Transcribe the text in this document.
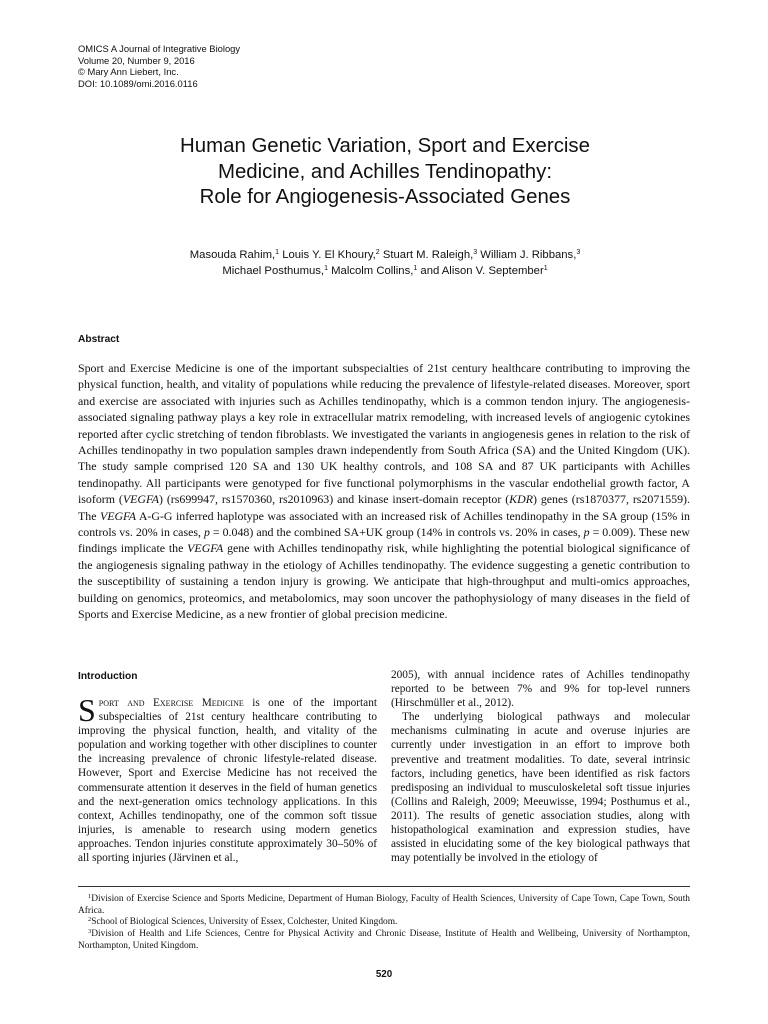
OMICS A Journal of Integrative Biology
Volume 20, Number 9, 2016
© Mary Ann Liebert, Inc.
DOI: 10.1089/omi.2016.0116
Human Genetic Variation, Sport and Exercise
Medicine, and Achilles Tendinopathy:
Role for Angiogenesis-Associated Genes
Masouda Rahim,$^1$ Louis Y. El Khoury,$^2$ Stuart M. Raleigh,$^3$ William J. Ribbans,$^3$
Michael Posthumus,$^1$ Malcolm Collins,$^1$ and Alison V. September$^1$
Abstract

Sport and Exercise Medicine is one of the important subspecialties of 21st century healthcare contributing to improving the physical function, health, and vitality of populations while reducing the prevalence of lifestyle-related diseases. Moreover, sport and exercise are associated with injuries such as Achilles tendinopathy, which is a common tendon injury. The angiogenesis-associated signaling pathway plays a key role in extracellular matrix remodeling, with increased levels of angiogenic cytokines reported after cyclic stretching of tendon fibroblasts. We investigated the variants in angiogenesis genes in relation to the risk of Achilles tendinopathy in two population samples drawn independently from South Africa (SA) and the United Kingdom (UK). The study sample comprised 120 SA and 130 UK healthy controls, and 108 SA and 87 UK participants with Achilles tendinopathy. All participants were genotyped for five functional polymorphisms in the vascular endothelial growth factor, A isoform (VEGFA) (rs699947, rs1570360, rs2010963) and kinase insert-domain receptor (KDR) genes (rs1870377, rs2071559). The VEGFA A-G-G inferred haplotype was associated with an increased risk of Achilles tendinopathy in the SA group (15% in controls vs. 20% in cases, p = 0.048) and the combined SA+UK group (14% in controls vs. 20% in cases, p = 0.009). These new findings implicate the VEGFA gene with Achilles tendinopathy risk, while highlighting the potential biological significance of the angiogenesis signaling pathway in the etiology of Achilles tendinopathy. The evidence suggesting a genetic contribution to the susceptibility of sustaining a tendon injury is growing. We anticipate that high-throughput and multi-omics approaches, building on genomics, proteomics, and metabolomics, may soon uncover the pathophysiology of many diseases in the field of Sports and Exercise Medicine, as a new frontier of global precision medicine.

Introduction

Sport and Exercise Medicine is one of the important subspecialties of 21st century healthcare contributing to improving the physical function, health, and vitality of the population and working together with other disciplines to counter the increasing prevalence of chronic lifestyle-related disease. However, Sport and Exercise Medicine has not received the commensurate attention it deserves in the field of human genetics and the next-generation omics technology applications. In this context, Achilles tendinopathy, one of the common soft tissue injuries, is amenable to research using modern genetics approaches. Tendon injuries constitute approximately 30–50% of all sporting injuries (Järvinen et al.,

2005), with annual incidence rates of Achilles tendinopathy reported to be between 7% and 9% for top-level runners (Hirschmüller et al., 2012).

The underlying biological pathways and molecular mechanisms culminating in acute and overuse injuries are currently under investigation in an effort to improve both preventive and treatment modalities. To date, several intrinsic factors, including genetics, have been identified as risk factors predisposing an individual to musculoskeletal soft tissue injuries (Collins and Raleigh, 2009; Meeuwisse, 1994; Posthumus et al., 2011). The results of genetic association studies, along with histopathological examination and expression studies, have assisted in elucidating some of the key biological pathways that may potentially be involved in the etiology of

$^1$Division of Exercise Science and Sports Medicine, Department of Human Biology, Faculty of Health Sciences, University of Cape Town, Cape Town, South Africa.

$^2$School of Biological Sciences, University of Essex, Colchester, United Kingdom.

$^3$Division of Health and Life Sciences, Centre for Physical Activity and Chronic Disease, Institute of Health and Wellbeing, University of Northampton, Northampton, United Kingdom.

520
